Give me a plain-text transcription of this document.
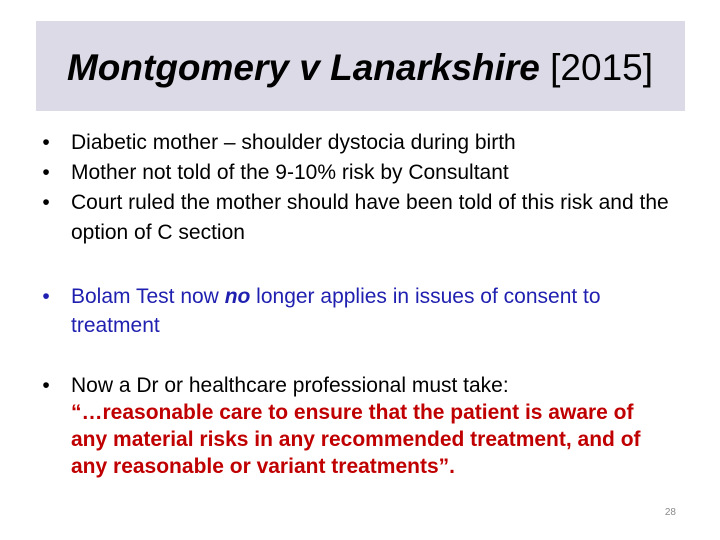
Montgomery v Lanarkshire [2015]
• Diabetic mother – shoulder dystocia during birth
• Mother not told of the 9-10% risk by Consultant
• Court ruled the mother should have been told of this risk and the option of C section
• Bolam Test now no longer applies in issues of consent to treatment
• Now a Dr or healthcare professional must take:
“…reasonable care to ensure that the patient is aware of any material risks in any recommended treatment, and of any reasonable or variant treatments”.
28
